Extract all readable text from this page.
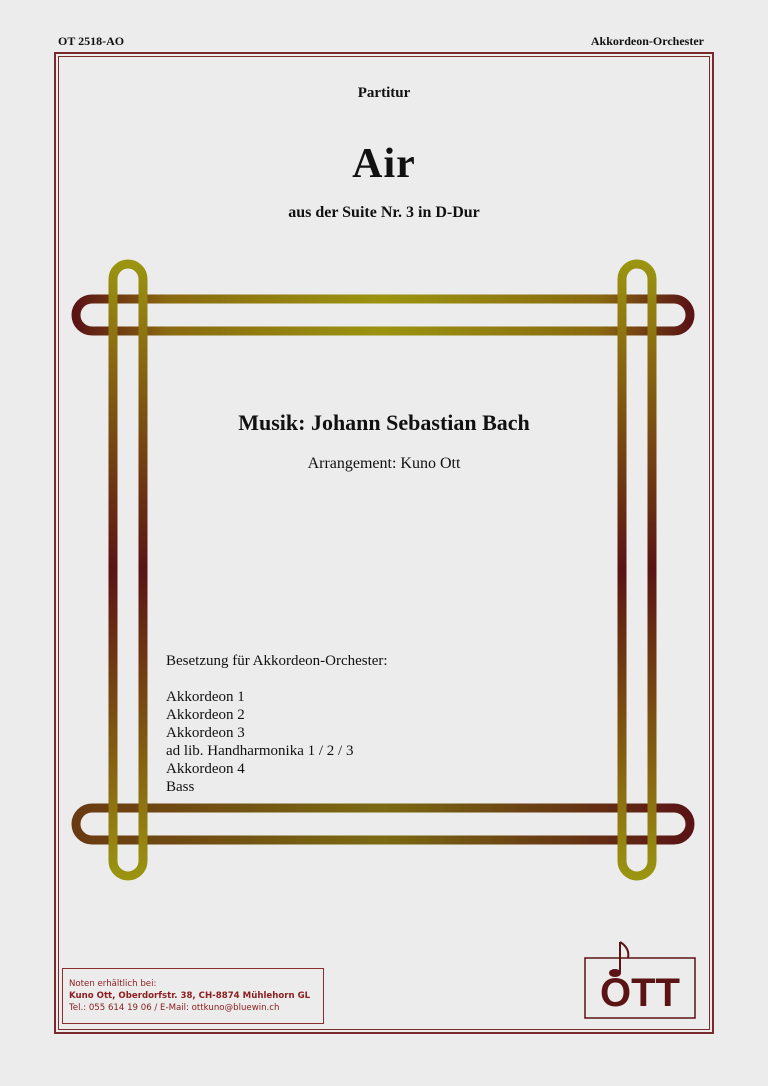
OT 2518-AO	Akkordeon-Orchester
Partitur
Air
aus der Suite Nr. 3 in D-Dur
Musik: Johann Sebastian Bach
Arrangement: Kuno Ott
Besetzung für Akkordeon-Orchester:
Akkordeon 1
Akkordeon 2
Akkordeon 3
ad lib. Handharmonika 1 / 2 / 3
Akkordeon 4
Bass
Noten erhältlich bei:
Kuno Ott, Oberdorfstr. 38, CH-8874 Mühlehorn GL
Tel.: 055 614 19 06 / E-Mail: ottkuno@bluewin.ch	OTT
